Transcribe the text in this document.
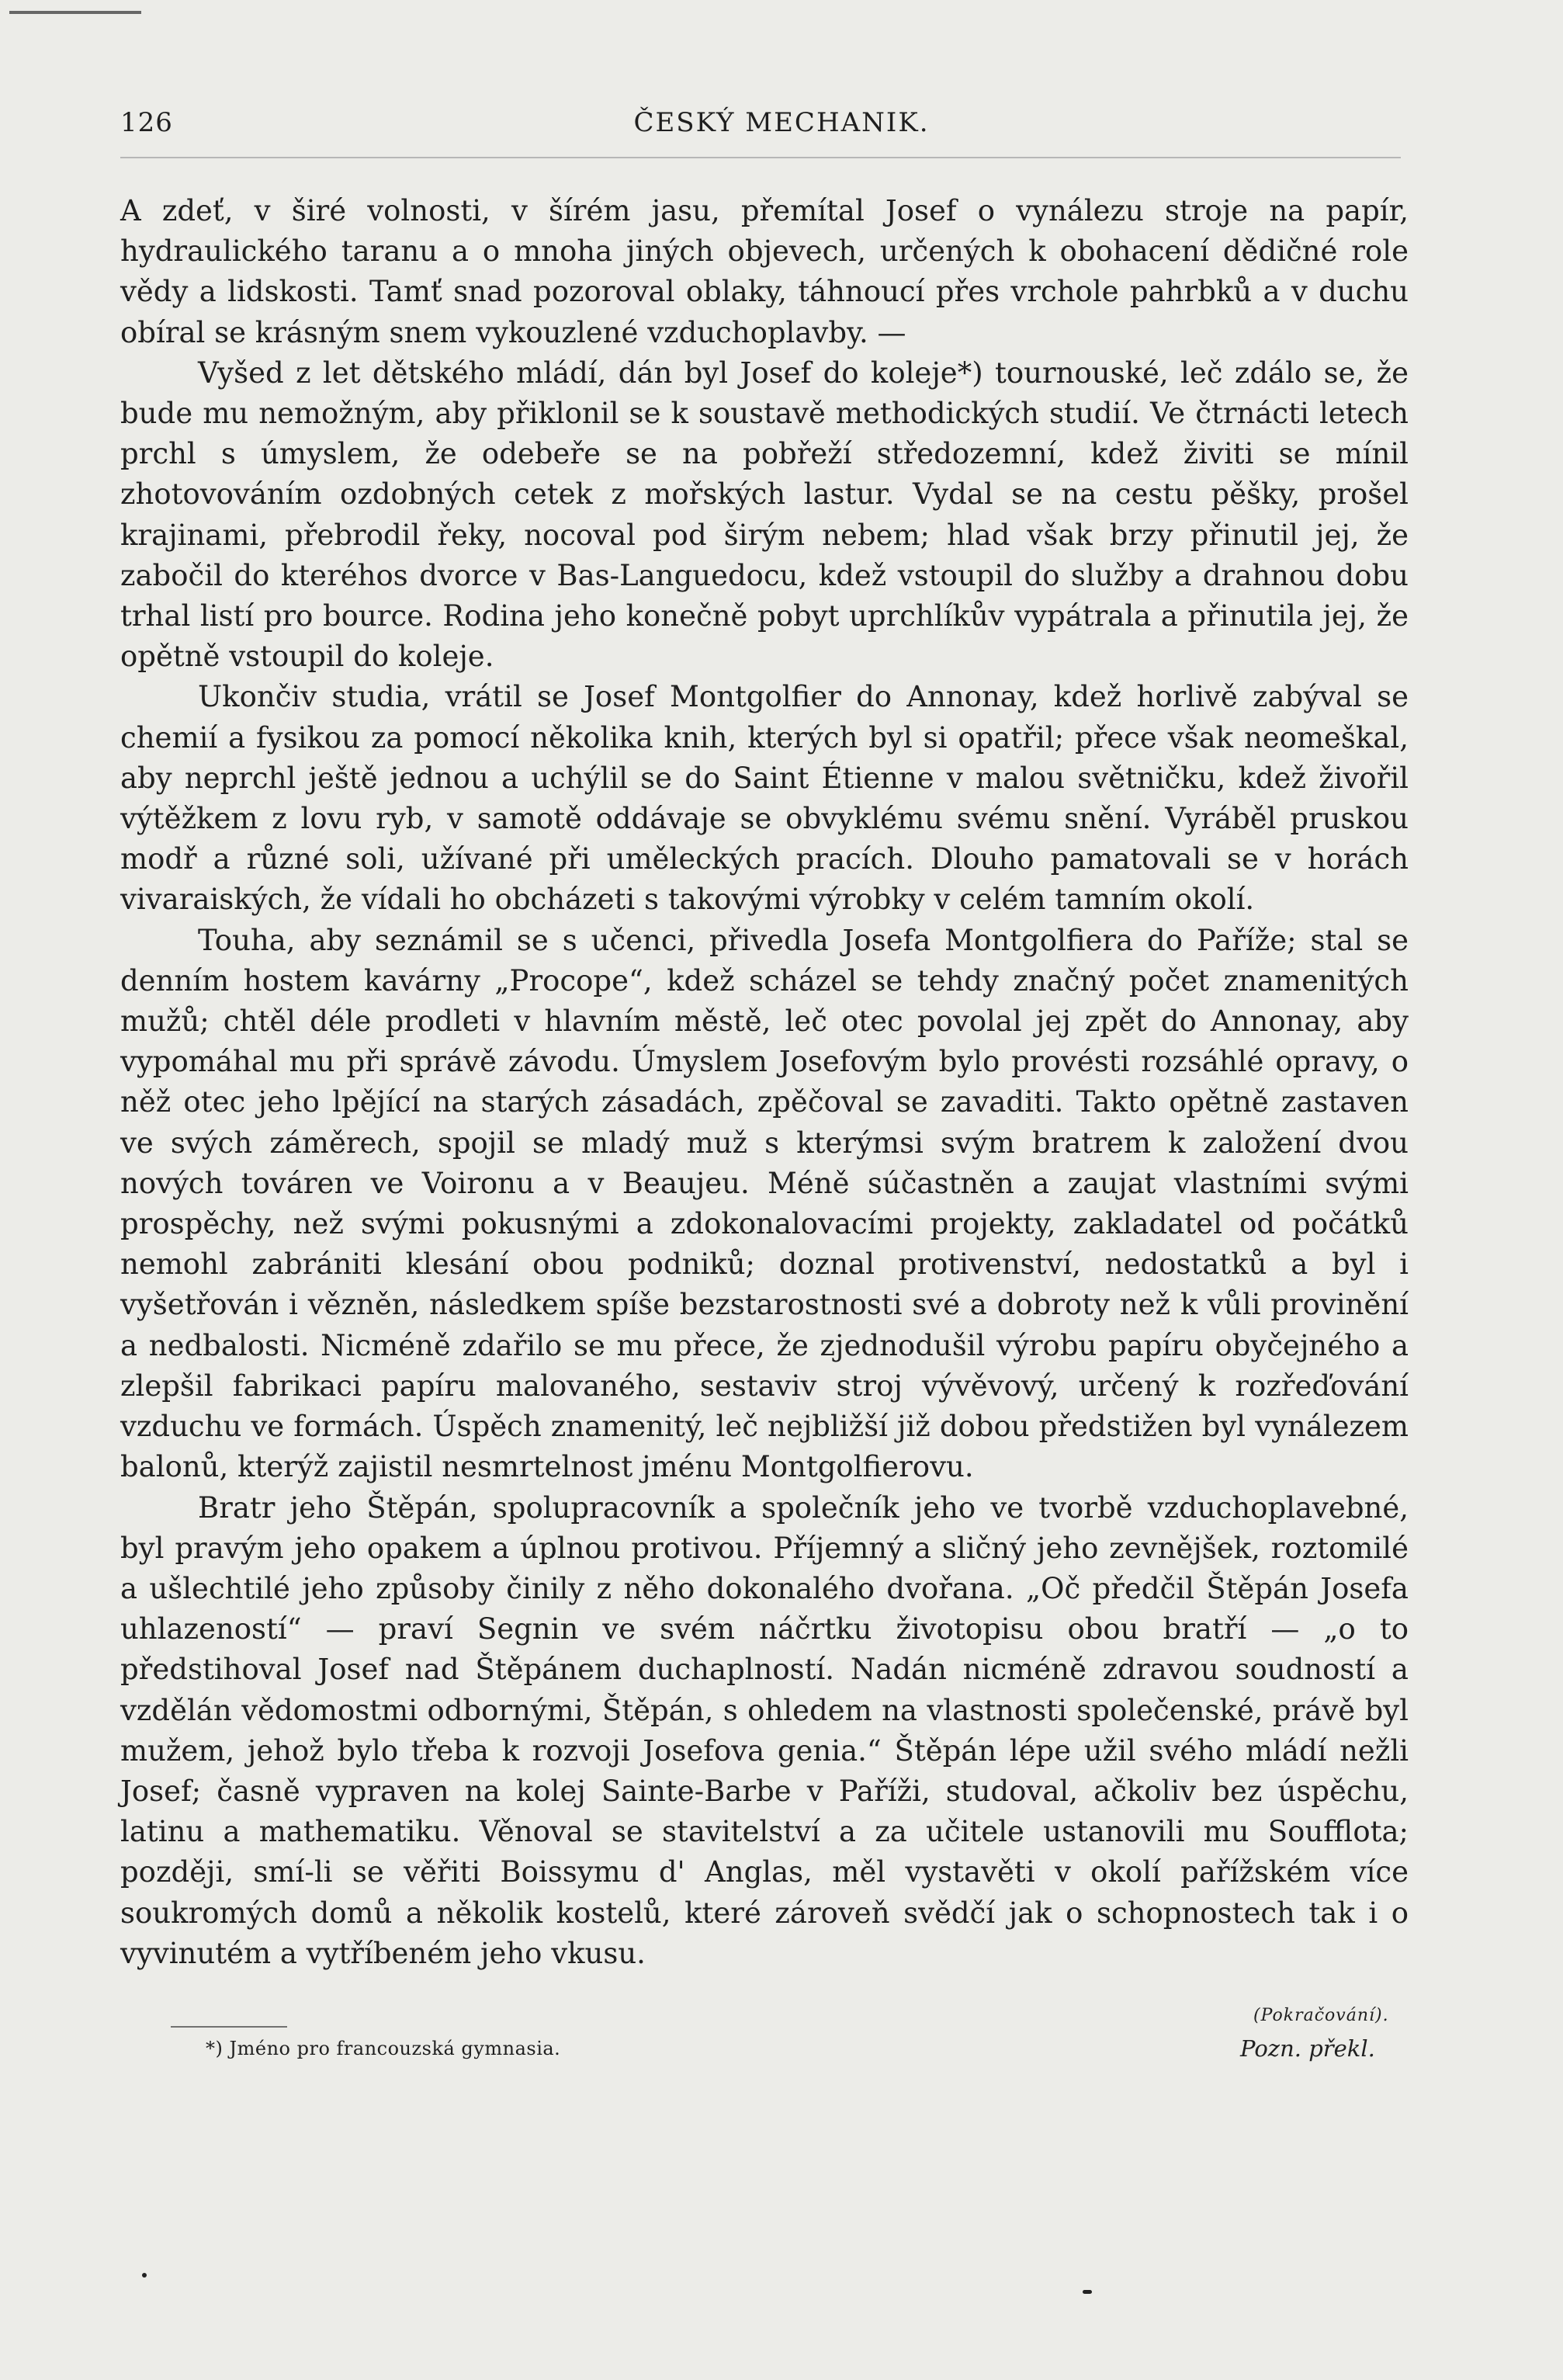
126	ČESKÝ MECHANIK.

A zdeť, v širé volnosti, v šírém jasu, přemítal Josef o vynálezu stroje na papír, hydraulického taranu a o mnoha jiných objevech, určených k obohacení dědičné role vědy a lidskosti. Tamť snad pozoroval oblaky, táhnoucí přes vrchole pahrbků a v duchu obíral se krásným snem vykouzlené vzduchoplavby. —

Vyšed z let dětského mládí, dán byl Josef do koleje*) tournouské, leč zdálo se, že bude mu nemožným, aby přiklonil se k soustavě methodických studií. Ve čtrnácti letech prchl s úmyslem, že odebeře se na pobřeží středozemní, kdež živiti se mínil zhotovováním ozdobných cetek z mořských lastur. Vydal se na cestu pěšky, prošel krajinami, přebrodil řeky, nocoval pod širým nebem; hlad však brzy přinutil jej, že zabočil do kteréhos dvorce v Bas-Languedocu, kdež vstoupil do služby a drahnou dobu trhal listí pro bource. Rodina jeho konečně pobyt uprchlíkův vypátrala a přinutila jej, že opětně vstoupil do koleje.

Ukončiv studia, vrátil se Josef Montgolfier do Annonay, kdež horlivě zabýval se chemií a fysikou za pomocí několika knih, kterých byl si opatřil; přece však neomeškal, aby neprchl ještě jednou a uchýlil se do Saint Étienne v malou světničku, kdež živořil výtěžkem z lovu ryb, v samotě oddávaje se obvyklému svému snění. Vyráběl pruskou modř a různé soli, užívané při uměleckých pracích. Dlouho pamatovali se v horách vivaraiských, že vídali ho obcházeti s takovými výrobky v celém tamním okolí.

Touha, aby seznámil se s učenci, přivedla Josefa Montgolfiera do Paříže; stal se denním hostem kavárny „Procope“, kdež scházel se tehdy značný počet znamenitých mužů; chtěl déle prodleti v hlavním městě, leč otec povolal jej zpět do Annonay, aby vypomáhal mu při správě závodu. Úmyslem Josefovým bylo provésti rozsáhlé opravy, o něž otec jeho lpějící na starých zásadách, zpěčoval se zavaditi. Takto opětně zastaven ve svých záměrech, spojil se mladý muž s kterýmsi svým bratrem k založení dvou nových továren ve Voironu a v Beaujeu. Méně súčastněn a zaujat vlastními svými prospěchy, než svými pokusnými a zdokonalovacími projekty, zakladatel od počátků nemohl zabrániti klesání obou podniků; doznal protivenství, nedostatků a byl i vyšetřován i vězněn, následkem spíše bezstarostnosti své a dobroty než k vůli provinění a nedbalosti. Nicméně zdařilo se mu přece, že zjednodušil výrobu papíru obyčejného a zlepšil fabrikaci papíru malovaného, sestaviv stroj vývěvový, určený k rozřeďování vzduchu ve formách. Úspěch znamenitý, leč nejbližší již dobou předstižen byl vynálezem balonů, kterýž zajistil nesmrtelnost jménu Montgolfierovu.

Bratr jeho Štěpán, spolupracovník a společník jeho ve tvorbě vzduchoplavebné, byl pravým jeho opakem a úplnou protivou. Příjemný a sličný jeho zevnějšek, roztomilé a ušlechtilé jeho způsoby činily z něho dokonalého dvořana. „Oč předčil Štěpán Josefa uhlazeností“ — praví Segnin ve svém náčrtku životopisu obou bratří — „o to předstihoval Josef nad Štěpánem duchaplností. Nadán nicméně zdravou soudností a vzdělán vědomostmi odbornými, Štěpán, s ohledem na vlastnosti společenské, právě byl mužem, jehož bylo třeba k rozvoji Josefova genia.“ Štěpán lépe užil svého mládí nežli Josef; časně vypraven na kolej Sainte-Barbe v Paříži, studoval, ačkoliv bez úspěchu, latinu a mathematiku. Věnoval se stavitelství a za učitele ustanovili mu Soufflota; později, smí-li se věřiti Boissymu d' Anglas, měl vystavěti v okolí pařížském více soukromých domů a několik kostelů, které zároveň svědčí jak o schopnostech tak i o vyvinutém a vytříbeném jeho vkusu.

(Pokračování).
*) Jméno pro francouzská gymnasia.	Pozn. překl.
